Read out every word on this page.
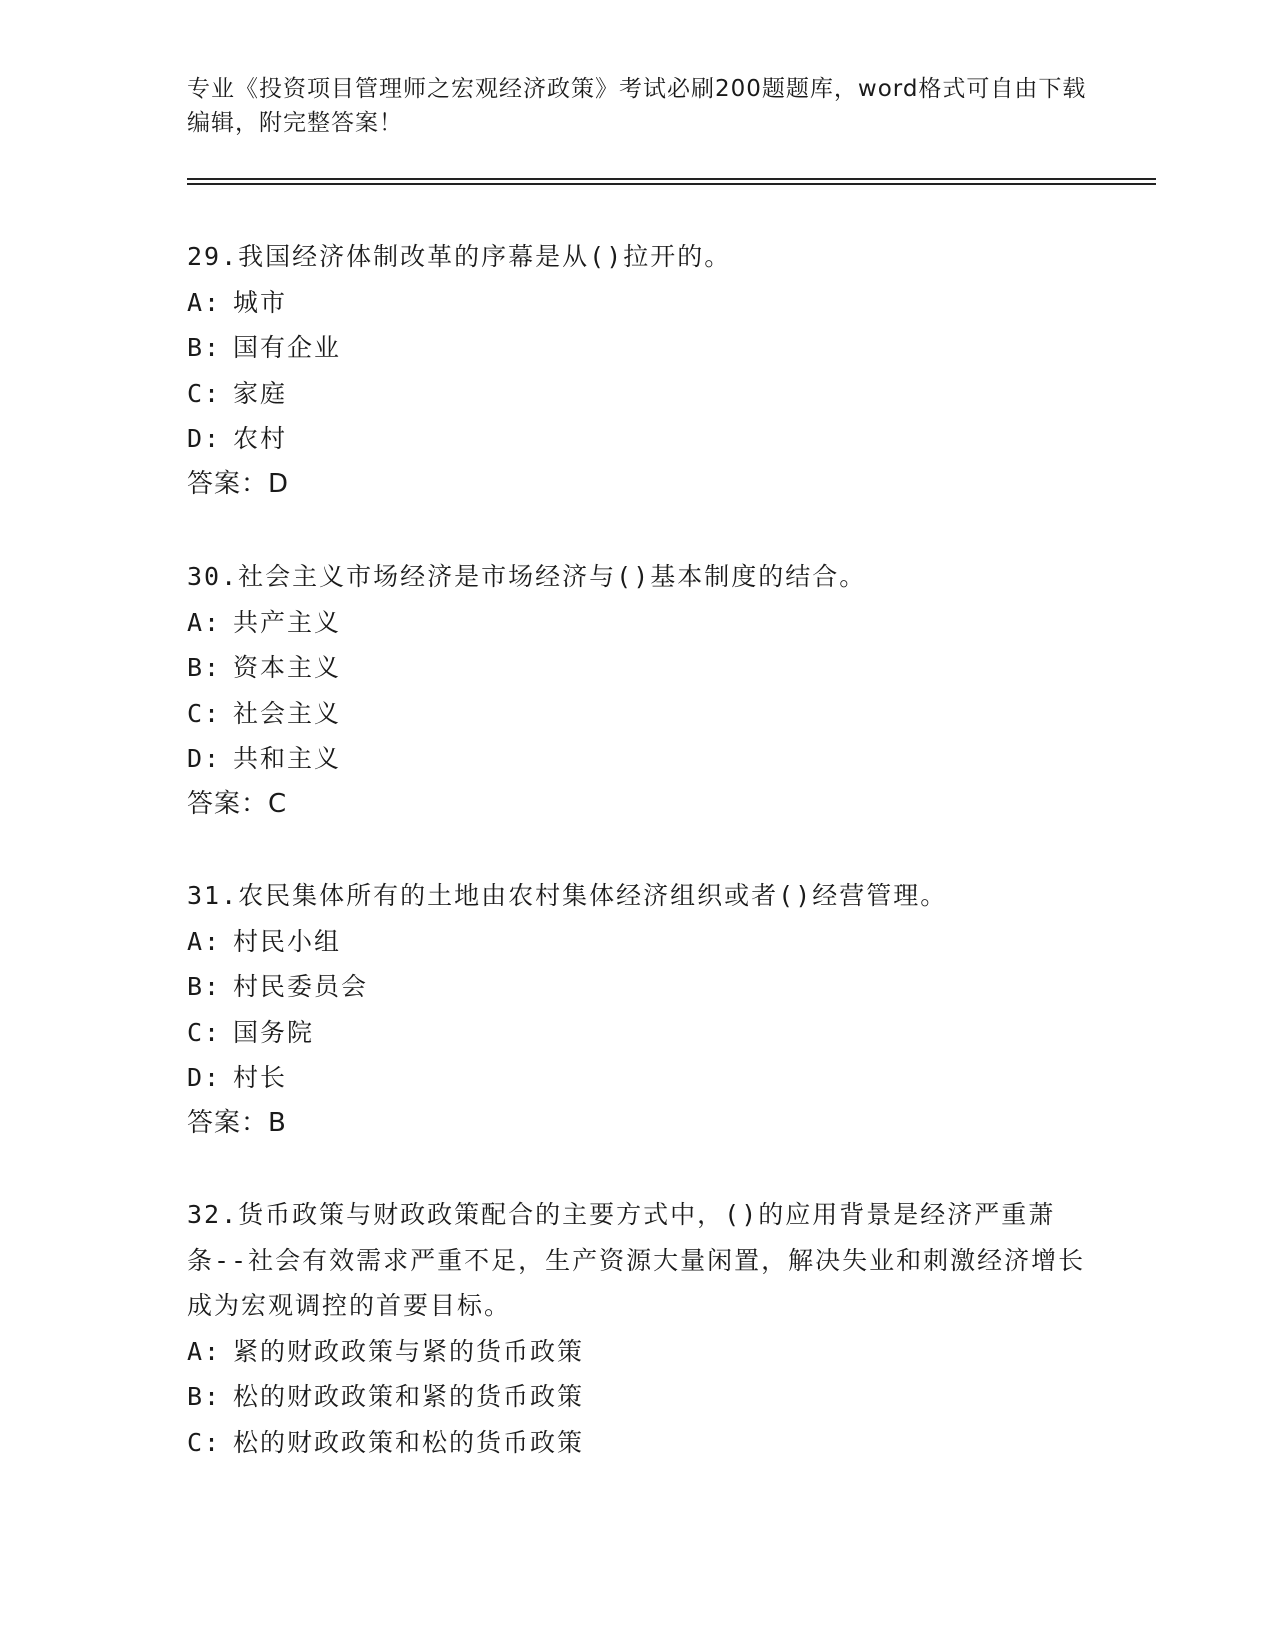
专业《投资项目管理师之宏观经济政策》考试必刷200题题库，word格式可自由下载编辑，附完整答案！

29.我国经济体制改革的序幕是从()拉开的。

A: 城市

B: 国有企业

C: 家庭

D: 农村

答案：D

30.社会主义市场经济是市场经济与()基本制度的结合。

A: 共产主义

B: 资本主义

C: 社会主义

D: 共和主义

答案：C

31.农民集体所有的土地由农村集体经济组织或者()经营管理。

A: 村民小组

B: 村民委员会

C: 国务院

D: 村长

答案：B

32.货币政策与财政政策配合的主要方式中，()的应用背景是经济严重萧条--社会有效需求严重不足，生产资源大量闲置，解决失业和刺激经济增长成为宏观调控的首要目标。

A: 紧的财政政策与紧的货币政策

B: 松的财政政策和紧的货币政策

C: 松的财政政策和松的货币政策
